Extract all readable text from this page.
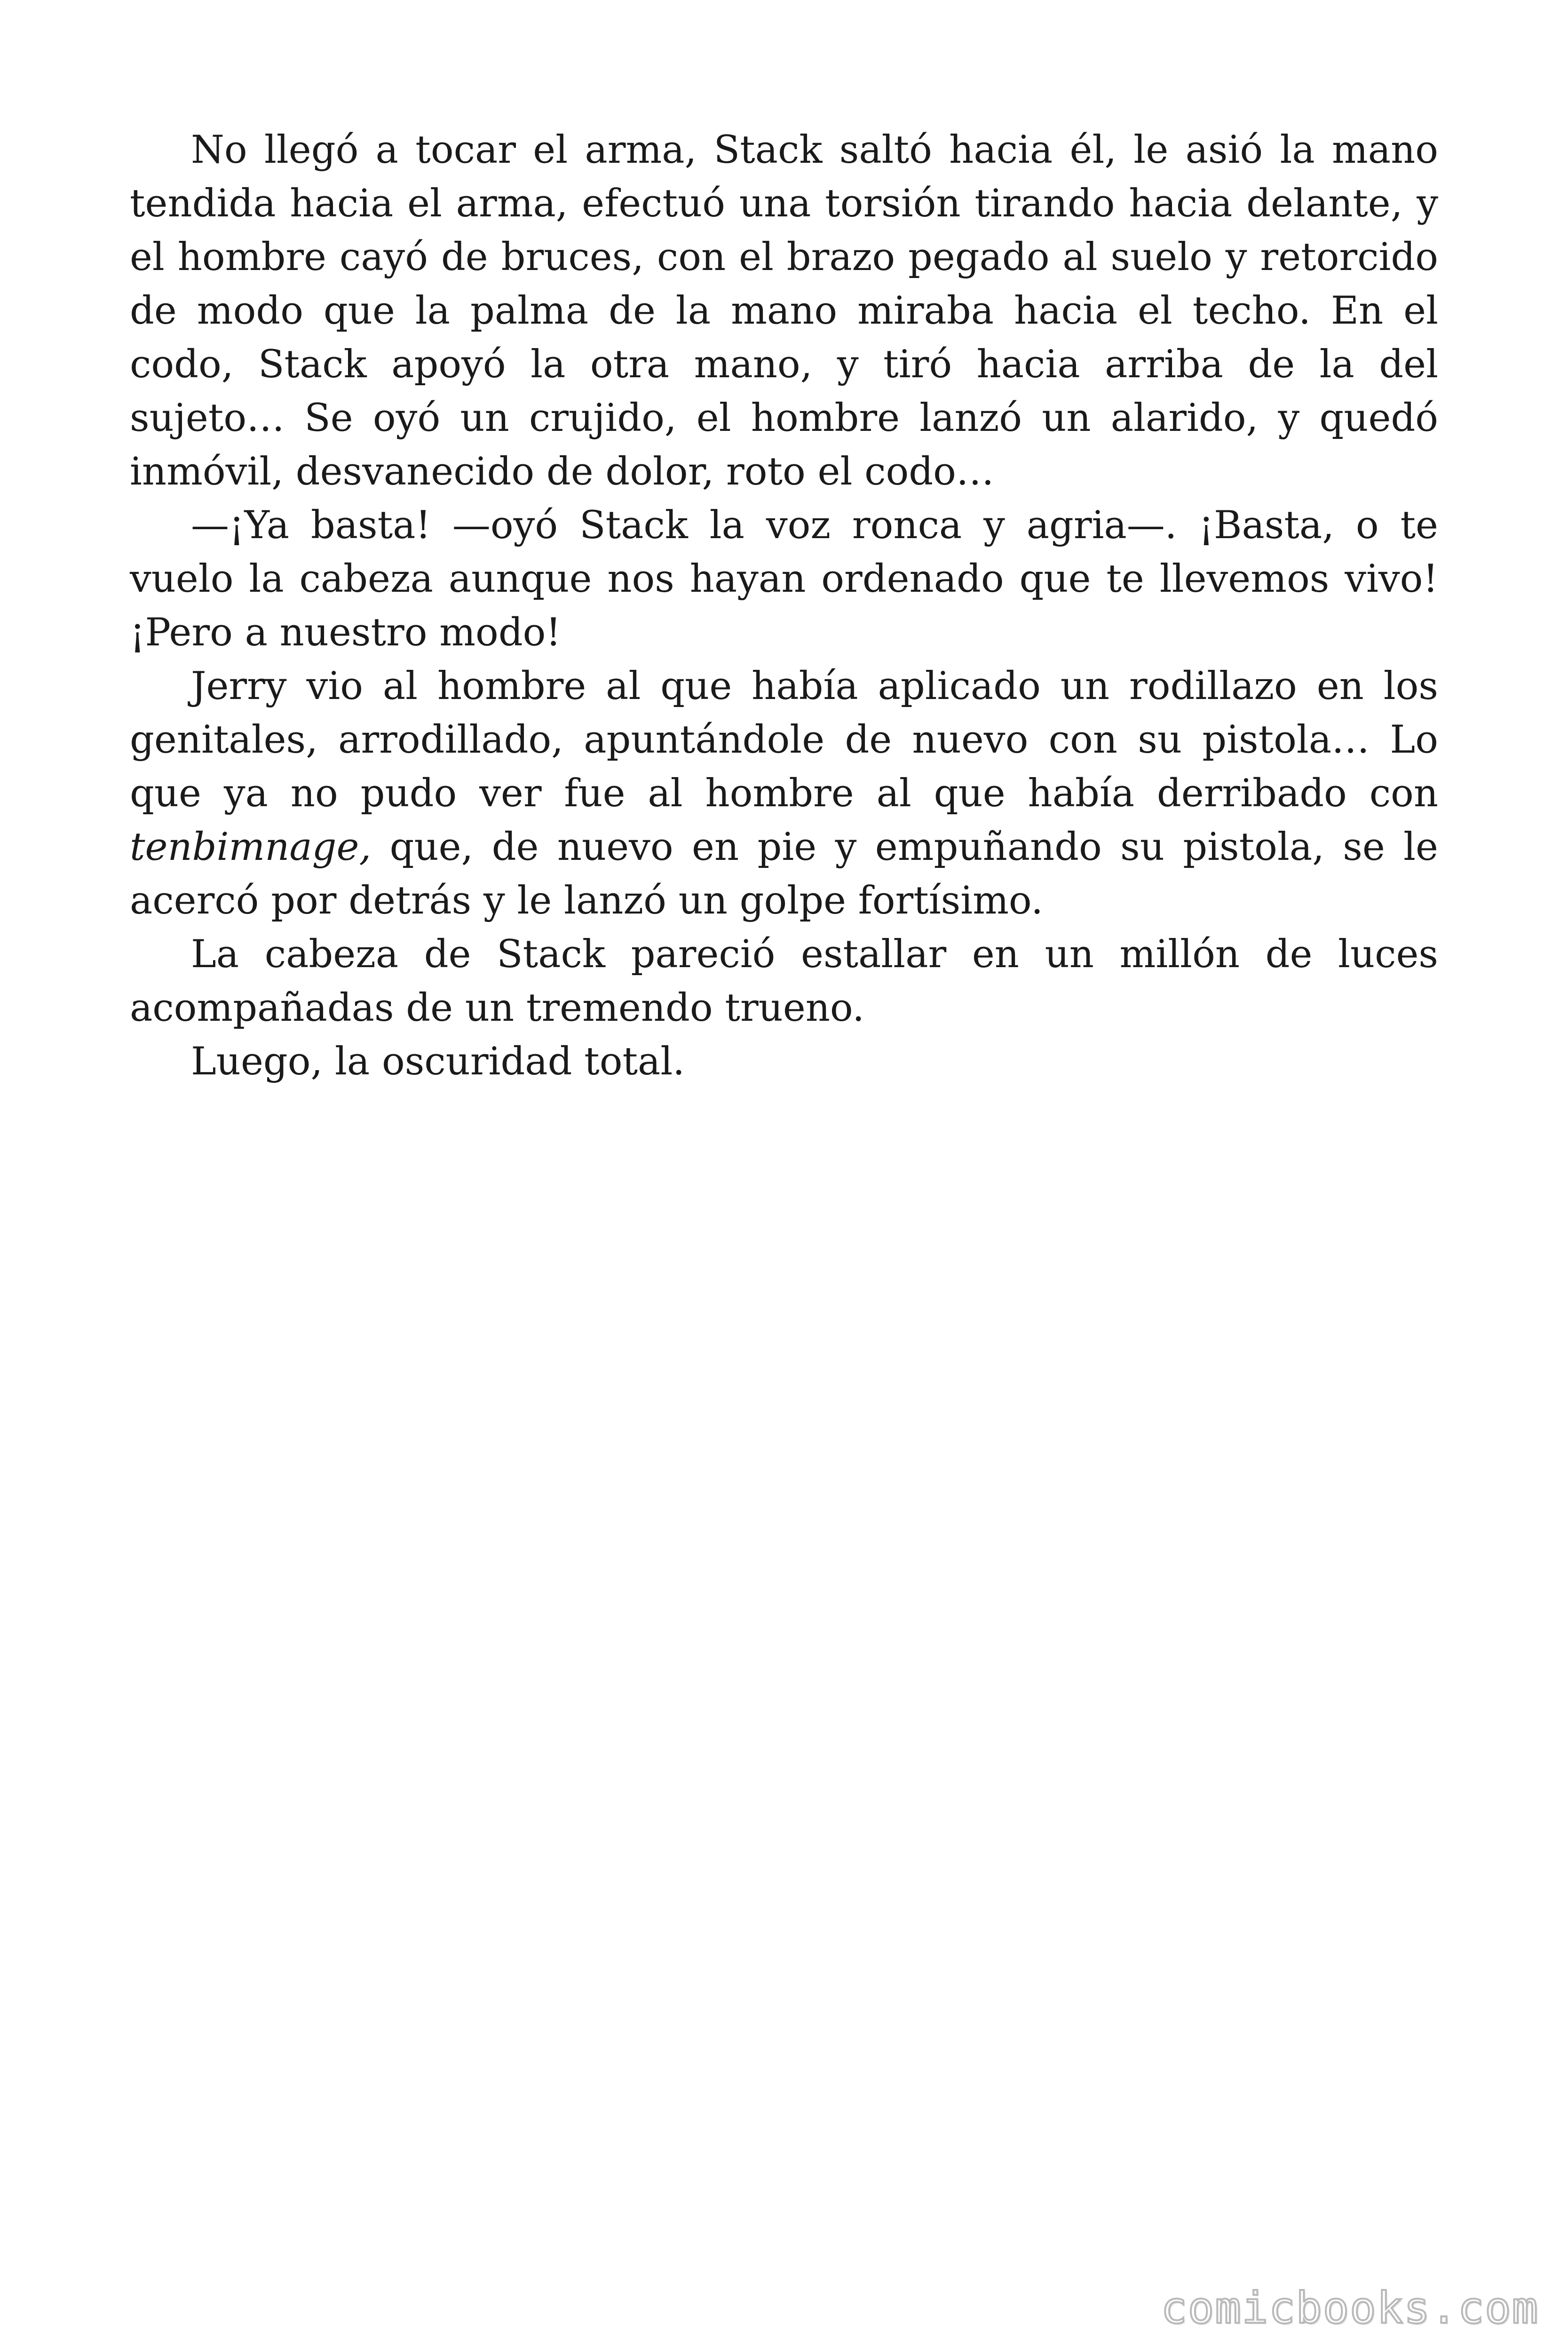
No llegó a tocar el arma, Stack saltó hacia él, le asió la mano tendida hacia el arma, efectuó una torsión tirando hacia delante, y el hombre cayó de bruces, con el brazo pegado al suelo y retorcido de modo que la palma de la mano miraba hacia el techo. En el codo, Stack apoyó la otra mano, y tiró hacia arriba de la del sujeto… Se oyó un crujido, el hombre lanzó un alarido, y quedó inmóvil, desvanecido de dolor, roto el codo…

—¡Ya basta! —oyó Stack la voz ronca y agria—. ¡Basta, o te vuelo la cabeza aunque nos hayan ordenado que te llevemos vivo! ¡Pero a nuestro modo!

Jerry vio al hombre al que había aplicado un rodillazo en los genitales, arrodillado, apuntándole de nuevo con su pistola… Lo que ya no pudo ver fue al hombre al que había derribado con tenbimnage, que, de nuevo en pie y empuñando su pistola, se le acercó por detrás y le lanzó un golpe fortísimo.

La cabeza de Stack pareció estallar en un millón de luces acompañadas de un tremendo trueno.

Luego, la oscuridad total.

comicbooks.com
